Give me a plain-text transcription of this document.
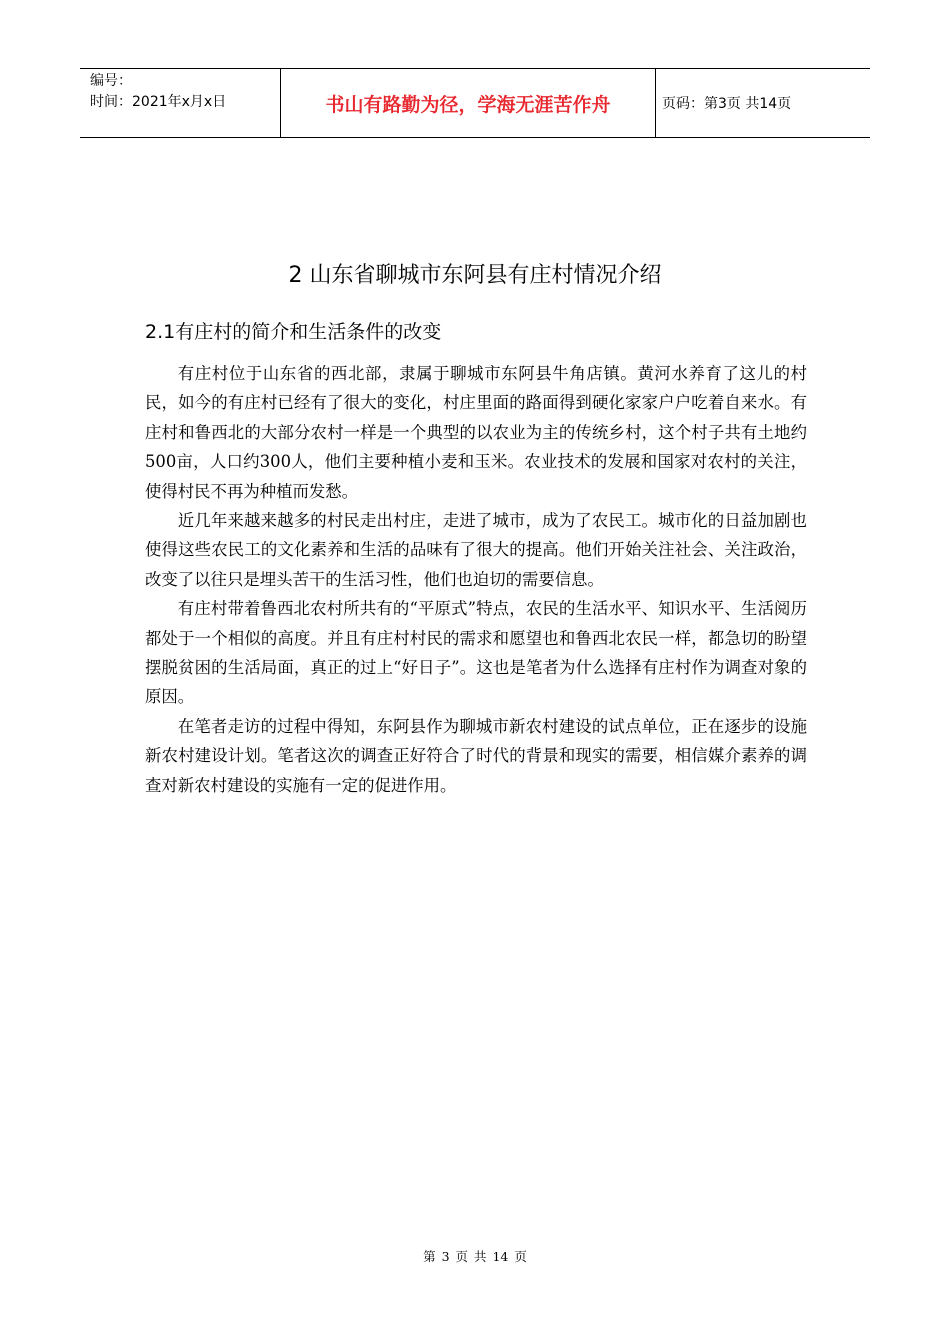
编号：
时间：2021年x月x日	书山有路勤为径，学海无涯苦作舟	页码：第3页 共14页
2 山东省聊城市东阿县有庄村情况介绍
2.1有庄村的简介和生活条件的改变

有庄村位于山东省的西北部，隶属于聊城市东阿县牛角店镇。黄河水养育了这儿的村民，如今的有庄村已经有了很大的变化，村庄里面的路面得到硬化家家户户吃着自来水。有庄村和鲁西北的大部分农村一样是一个典型的以农业为主的传统乡村，这个村子共有土地约500亩，人口约300人，他们主要种植小麦和玉米。农业技术的发展和国家对农村的关注，使得村民不再为种植而发愁。

近几年来越来越多的村民走出村庄，走进了城市，成为了农民工。城市化的日益加剧也使得这些农民工的文化素养和生活的品味有了很大的提高。他们开始关注社会、关注政治，改变了以往只是埋头苦干的生活习性，他们也迫切的需要信息。

有庄村带着鲁西北农村所共有的“平原式”特点，农民的生活水平、知识水平、生活阅历都处于一个相似的高度。并且有庄村村民的需求和愿望也和鲁西北农民一样，都急切的盼望摆脱贫困的生活局面，真正的过上“好日子”。这也是笔者为什么选择有庄村作为调查对象的原因。

在笔者走访的过程中得知，东阿县作为聊城市新农村建设的试点单位，正在逐步的设施新农村建设计划。笔者这次的调查正好符合了时代的背景和现实的需要，相信媒介素养的调查对新农村建设的实施有一定的促进作用。

第 3 页 共 14 页
